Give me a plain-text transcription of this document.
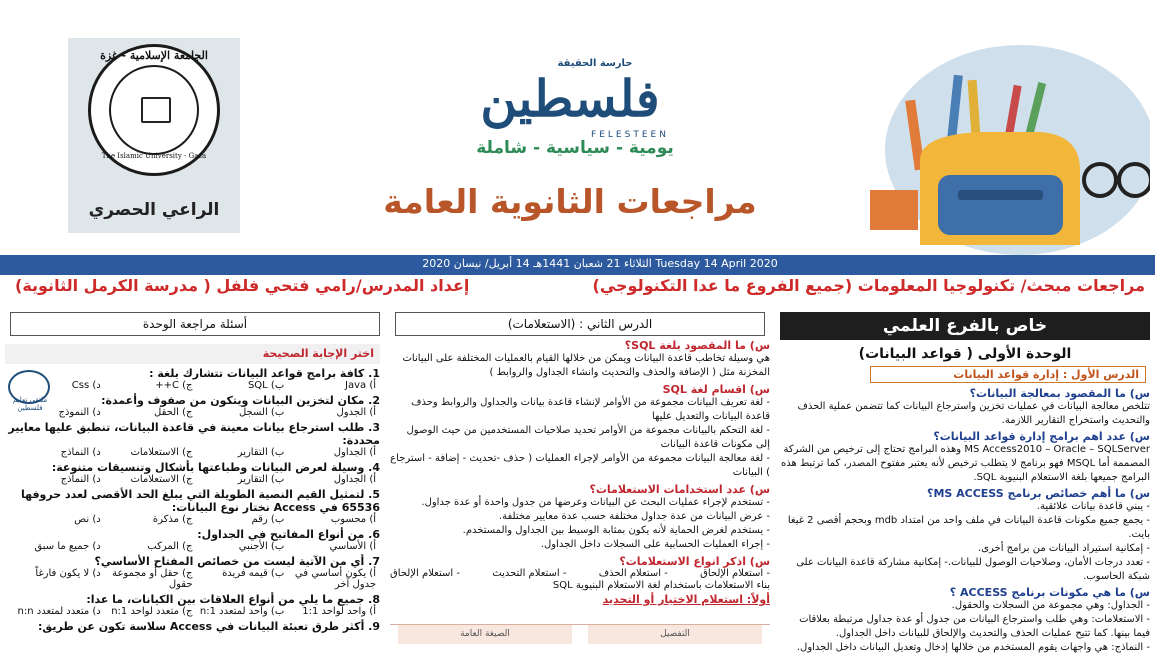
الجامعة الإسلامية - غزة
The Islamic University - Gaza
الراعي الحصري
حارسة الحقيقة
فلسطين
FELESTEEN
يومية - سياسية - شاملة
مراجعات الثانوية العامة
الثلاثاء 21 شعبان 1441هـ 14 أبريل/ نيسان 2020 Tuesday 14 April 2020
مراجعات مبحث/ تكنولوجيا المعلومات (جميع الفروع ما عدا التكنولوجي)
إعداد المدرس/رامي فتحي فلفل ( مدرسة الكرمل الثانوية)
خاص بالفرع العلمي
الوحدة الأولى ( قواعد البيانات)
الدرس الأول : إدارة قواعد البيانات
س) ما المقصود بمعالجة البيانات؟
تتلخص معالجة البيانات في عمليات تخزين واسترجاع البيانات كما تتضمن عملية الحذف والتحديث واستخراج التقارير اللازمة.
س) عدد اهم برامج إدارة قواعد البيانات؟
MS Access2010 – Oracle – SQLServer وهذه البرامج تحتاج إلى ترخيص من الشركة المصممة أما MSQL فهو برنامج لا يتطلب ترخيص لأنه يعتبر مفتوح المصدر، كما ترتبط هذه البرامج جميعها بلغة الاستعلام البنيوية SQL.
س) ما أهم خصائص برنامج MS ACCESS؟
- يبني قاعدة بيانات علائقية.
- يجمع جميع مكونات قاعدة البيانات في ملف واحد من امتداد mdb وبحجم أقصى 2 غيغا بايت.
- إمكانية استيراد البيانات من برامج أخرى.
- تعدد درجات الأمان، وصلاحيات الوصول للبيانات.- إمكانية مشاركة قاعدة البيانات على شبكة الحاسوب.
س) ما هي مكونات برنامج ACCESS ؟
- الجداول: وهي مجموعة من السجلات والحقول.
- الاستعلامات: وهي طلب واسترجاع البيانات من جدول أو عدة جداول مرتبطة بعلاقات فيما بينها. كما تتيح عمليات الحذف والتحديث والإلحاق للبيانات داخل الجداول.
- النماذج: هي واجهات يقوم المستخدم من خلالها إدخال وتعديل البيانات داخل الجداول.
الدرس الثاني : (الاستعلامات)
س) ما المقصود بلغة SQL؟
هي وسيلة تخاطب قاعدة البيانات ويمكن من خلالها القيام بالعمليات المختلفة على البيانات المخزنة مثل ( الإضافة والحذف والتحديث وانشاء الجداول والروابط )
س) اقسام لغة SQL
- لغة تعريف البيانات مجموعة من الأوامر لإنشاء قاعدة بيانات والجداول والروابط وحذف قاعدة البيانات والتعديل عليها
- لغة التحكم بالبيانات مجموعة من الأوامر تحديد صلاحيات المستخدمين من حيث الوصول إلى مكونات قاعدة البيانات
- لغة معالجة البيانات مجموعة من الأوامر لإجراء العمليات ( حذف -تحديث - إضافة - استرجاع ) البيانات
س) عدد استخدامات الاستعلامات؟
- تستخدم لإجراء عمليات البحث عن البيانات وعرضها من جدول واحدة أو عدة جداول.
- عرض البيانات من عدة جداول مختلفة حسب عدة معايير مختلفة.
- يستخدم لغرض الحماية لأنه يكون بمثابة الوسيط بين الجداول والمستخدم.
- إجراء العمليات الحسابية على السجلات داخل الجداول.
س) اذكر انواع الاستعلامات؟
- استعلام الإلحاق
- استعلام الحذف
- استعلام التحديث
- استعلام الإلحاق
بناء الاستعلامات باستخدام لغة الاستعلام البنيوية SQL
أولاً: استعلام الاختيار أو التحديد
التفصيل
الصيغة العامة
أسئلة مراجعة الوحدة
اختر الإجابة الصحيحة
1. كافة برامج قواعد البيانات تتشارك بلغة :
أ) Java
ب) SQL
ج) C++
د) Css
2. مكان لتخزين البيانات ويتكون من صفوف وأعمدة:
أ) الجدول
ب) السجل
ج) الحقل
د) النموذج
3. طلب استرجاع بيانات معينة في قاعدة البيانات، تنطبق عليها معايير محددة:
أ) الجداول
ب) التقارير
ج) الاستعلامات
د) النماذج
4. وسيلة لعرض البيانات وطباعتها بأشكال وتنسيقات متنوعة:
أ) الجداول
ب) التقارير
ج) الاستعلامات
د) النماذج
5. لتمثيل القيم النصية الطويلة التي يبلغ الحد الأقصى لعدد حروفها 65536 في Access نختار نوع البيانات:
أ) محسوب
ب) رقم
ج) مذكرة
د) نص
6. من أنواع المفاتيح في الجداول:
أ) الأساسي
ب) الأجنبي
ج) المركب
د) جميع ما سبق
7. أي من الآتية ليست من خصائص المفتاح الأساسي؟
أ) يكون أساسي في جدول آخر
ب) قيمه فريدة
ج) حقل أو مجموعة حقول
د) لا يكون فارغاً
8. جميع ما يلي من أنواع العلاقات بين الكيانات، ما عدا:
أ) واحد لواحد 1:1
ب) واحد لمتعدد 1:n
ج) متعدد لواحد n:1
د) متعدد لمتعدد n:n
9. أكثر طرق تعبئة البيانات في Access سلاسة تكون عن طريق:
ملتقى تعليم فلسطين
